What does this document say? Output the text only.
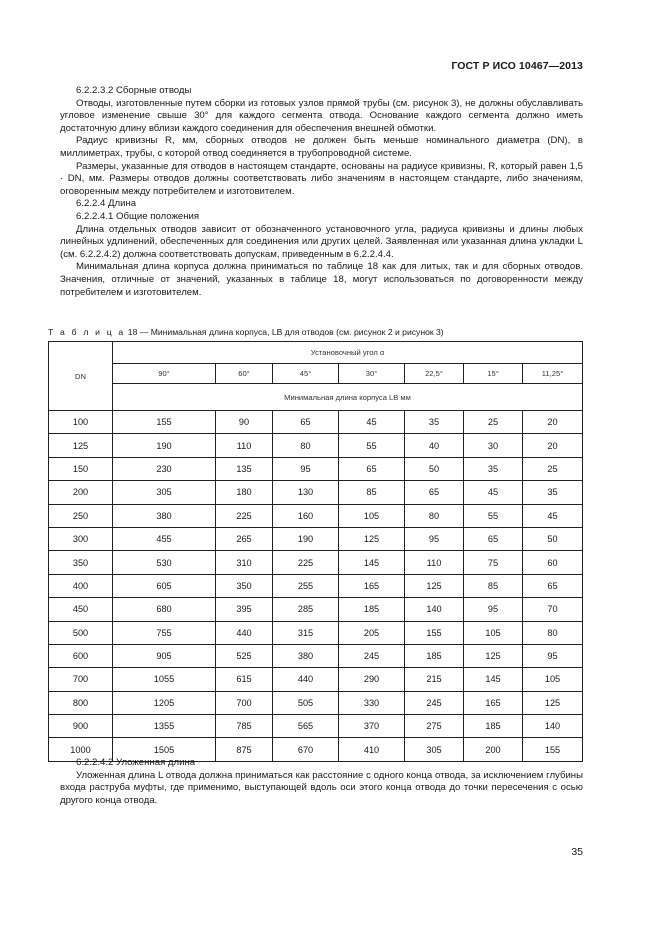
ГОСТ Р ИСО 10467—2013

6.2.2.3.2 Сборные отводы

Отводы, изготовленные путем сборки из готовых узлов прямой трубы (см. рисунок 3), не должны обуславливать угловое изменение свыше 30° для каждого сегмента отвода. Основание каждого сегмента должно иметь достаточную длину вблизи каждого соединения для обеспечения внешней обмотки.

Радиус кривизны R, мм, сборных отводов не должен быть меньше номинального диаметра (DN), в миллиметрах, трубы, с которой отвод соединяется в трубопроводной системе.

Размеры, указанные для отводов в настоящем стандарте, основаны на радиусе кривизны, R, который равен 1,5 · DN, мм. Размеры отводов должны соответствовать либо значениям в настоящем стандарте, либо значениям, оговоренным между потребителем и изготовителем.

6.2.2.4 Длина

6.2.2.4.1 Общие положения

Длина отдельных отводов зависит от обозначенного установочного угла, радиуса кривизны и длины любых линейных удлинений, обеспеченных для соединения или других целей. Заявленная или указанная длина укладки L (см. 6.2.2.4.2) должна соответствовать допускам, приведенным в 6.2.2.4.4.

Минимальная длина корпуса должна приниматься по таблице 18 как для литых, так и для сборных отводов. Значения, отличные от значений, указанных в таблице 18, могут использоваться по договоренности между потребителем и изготовителем.

Т а б л и ц а 18 — Минимальная длина корпуса, LB для отводов (см. рисунок 2 и рисунок 3)
DN	Установочный угол α						
	90°	60°	45°	30°	22,5°	15°	11,25°
	Минимальная длина корпуса LB мм						
100	155	90	65	45	35	25	20
125	190	110	80	55	40	30	20
150	230	135	95	65	50	35	25
200	305	180	130	85	65	45	35
250	380	225	160	105	80	55	45
300	455	265	190	125	95	65	50
350	530	310	225	145	110	75	60
400	605	350	255	165	125	85	65
450	680	395	285	185	140	95	70
500	755	440	315	205	155	105	80
600	905	525	380	245	185	125	95
700	1055	615	440	290	215	145	105
800	1205	700	505	330	245	165	125
900	1355	785	565	370	275	185	140
1000	1505	875	670	410	305	200	155

6.2.2.4.2 Уложенная длина

Уложенная длина L отвода должна приниматься как расстояние с одного конца отвода, за исключением глубины входа раструба муфты, где применимо, выступающей вдоль оси этого конца отвода до точки пересечения с осью другого конца отвода.

35
